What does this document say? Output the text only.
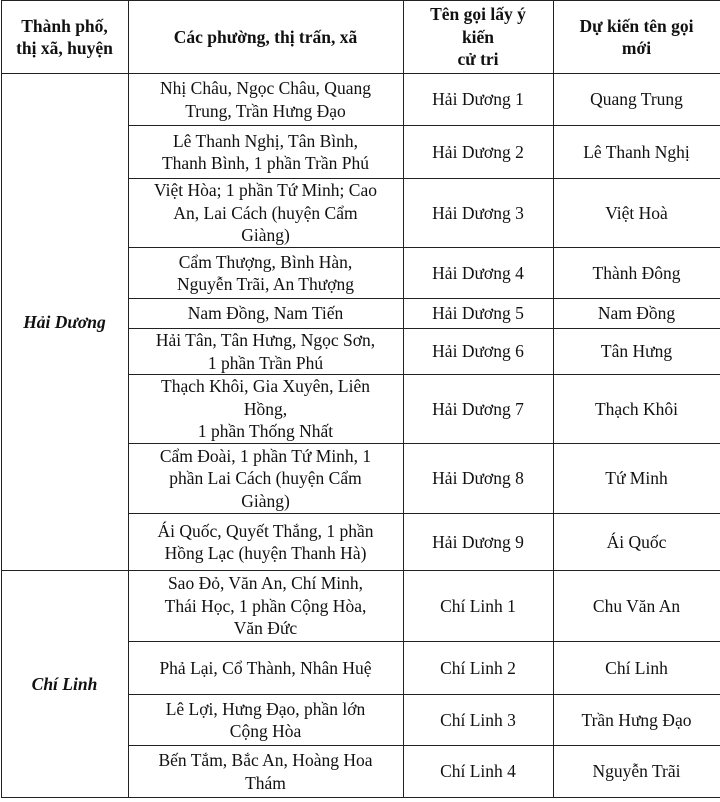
Thành phố,
thị xã, huyện	Các phường, thị trấn, xã	Tên gọi lấy ý
kiến
cử tri	Dự kiến tên gọi
mới
Hải Dương	Nhị Châu, Ngọc Châu, Quang
Trung, Trần Hưng Đạo	Hải Dương 1	Quang Trung
	Lê Thanh Nghị, Tân Bình,
Thanh Bình, 1 phần Trần Phú	Hải Dương 2	Lê Thanh Nghị
	Việt Hòa; 1 phần Tứ Minh; Cao
An, Lai Cách (huyện Cẩm
Giàng)	Hải Dương 3	Việt Hoà
	Cẩm Thượng, Bình Hàn,
Nguyễn Trãi, An Thượng	Hải Dương 4	Thành Đông
	Nam Đồng, Nam Tiến	Hải Dương 5	Nam Đồng
	Hải Tân, Tân Hưng, Ngọc Sơn,
1 phần Trần Phú	Hải Dương 6	Tân Hưng
	Thạch Khôi, Gia Xuyên, Liên
Hồng,
1 phần Thống Nhất	Hải Dương 7	Thạch Khôi
	Cẩm Đoài, 1 phần Tứ Minh, 1
phần Lai Cách (huyện Cẩm
Giàng)	Hải Dương 8	Tứ Minh
	Ái Quốc, Quyết Thắng, 1 phần
Hồng Lạc (huyện Thanh Hà)	Hải Dương 9	Ái Quốc
Chí Linh	Sao Đỏ, Văn An, Chí Minh,
Thái Học, 1 phần Cộng Hòa,
Văn Đức	Chí Linh 1	Chu Văn An
	Phả Lại, Cổ Thành, Nhân Huệ	Chí Linh 2	Chí Linh
	Lê Lợi, Hưng Đạo, phần lớn
Cộng Hòa	Chí Linh 3	Trần Hưng Đạo
	Bến Tắm, Bắc An, Hoàng Hoa
Thám	Chí Linh 4	Nguyễn Trãi
